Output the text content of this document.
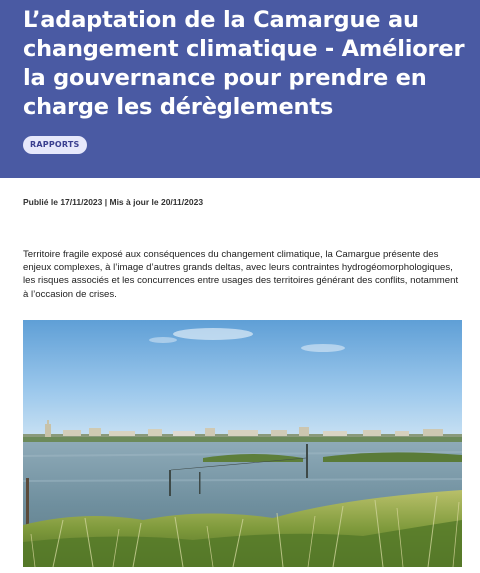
L’adaptation de la Camargue au changement climatique - Améliorer la gouvernance pour prendre en charge les dérèglements
RAPPORTS
Publié le 17/11/2023 | Mis à jour le 20/11/2023

Territoire fragile exposé aux conséquences du changement climatique, la Camargue présente des enjeux complexes, à l’image d’autres grands deltas, avec leurs contraintes hydrogéomorphologiques, les risques associés et les concurrences entre usages des territoires générant des conflits, notamment à l’occasion de crises.
